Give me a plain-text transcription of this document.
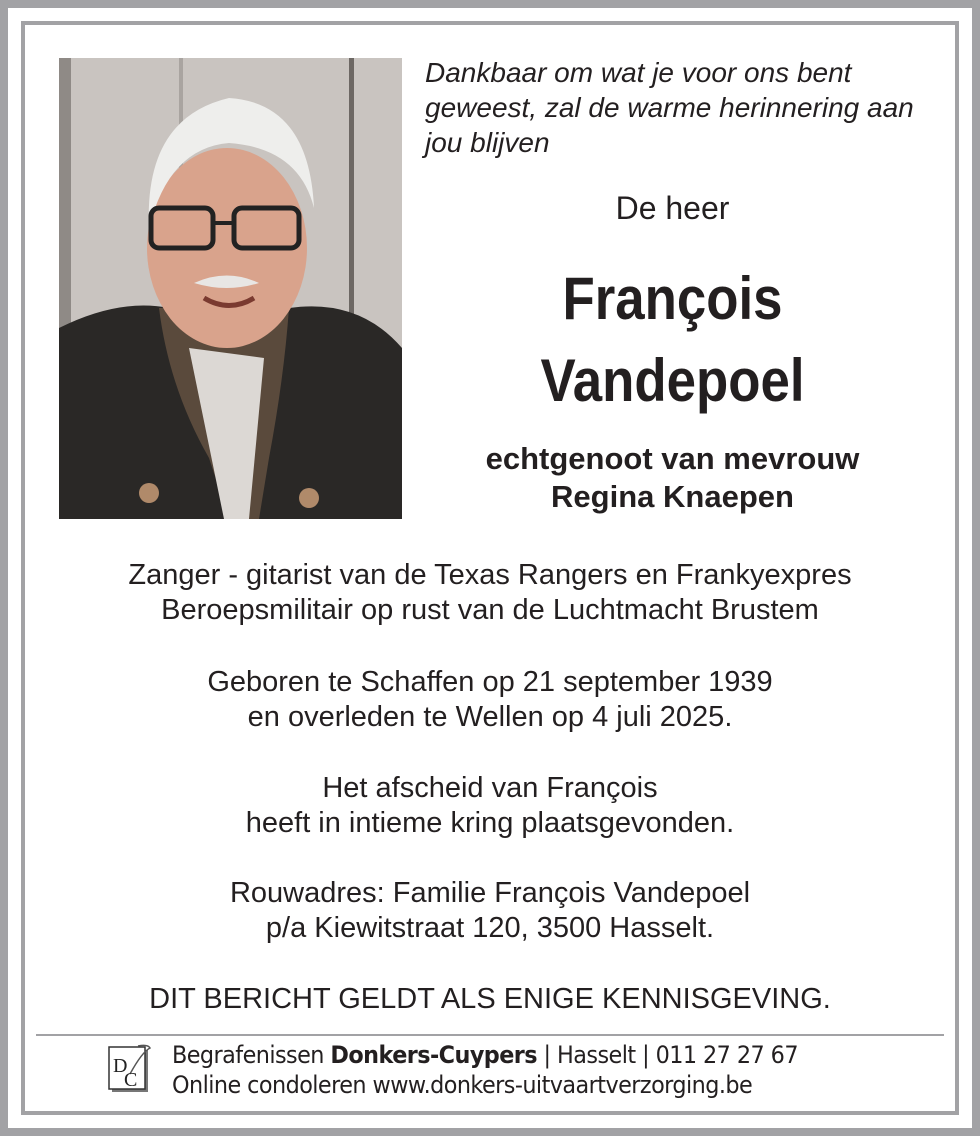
Dankbaar om wat je voor ons bent geweest, zal de warme herinnering aan jou blijven
De heer
François
Vandepoel
echtgenoot van mevrouw
Regina Knaepen
Zanger - gitarist van de Texas Rangers en Frankyexpres
Beroepsmilitair op rust van de Luchtmacht Brustem
Geboren te Schaffen op 21 september 1939
en overleden te Wellen op 4 juli 2025.
Het afscheid van François
heeft in intieme kring plaatsgevonden.
Rouwadres: Familie François Vandepoel
p/a Kiewitstraat 120, 3500 Hasselt.
DIT BERICHT GELDT ALS ENIGE KENNISGEVING.
D
C
Begrafenissen Donkers-Cuypers | Hasselt | 011 27 27 67
Online condoleren www.donkers-uitvaartverzorging.be
